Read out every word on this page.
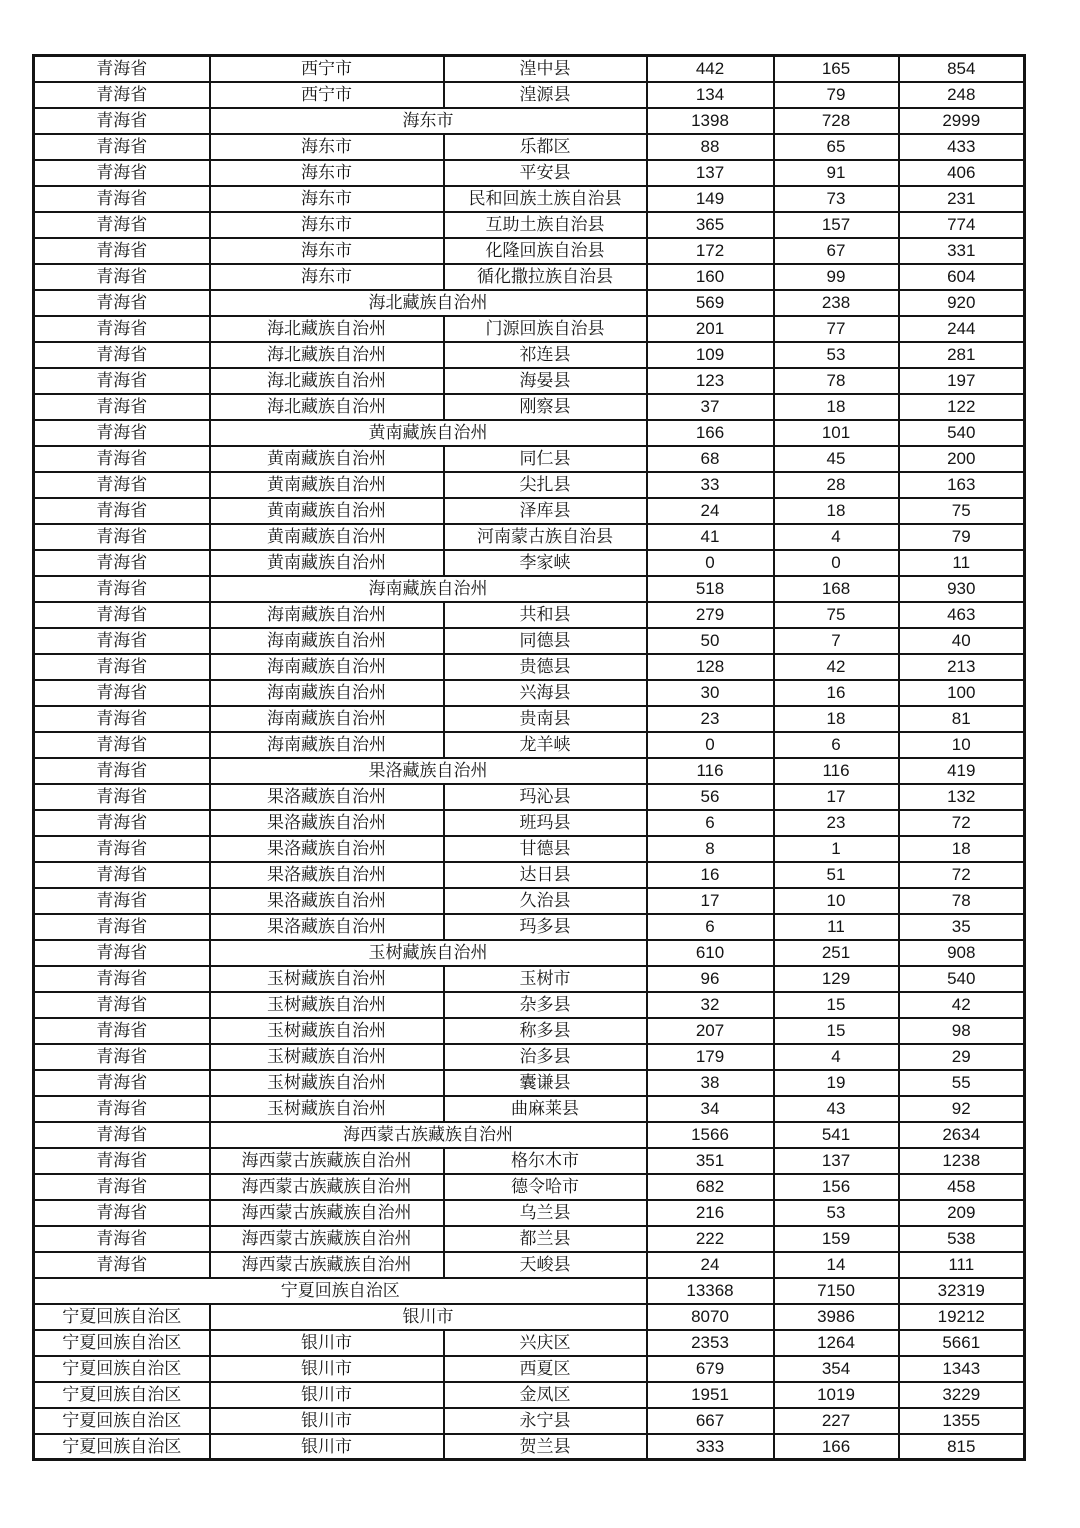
青海省	西宁市	湟中县	442	165	854
青海省	西宁市	湟源县	134	79	248
青海省	海东市		1398	728	2999
青海省	海东市	乐都区	88	65	433
青海省	海东市	平安县	137	91	406
青海省	海东市	民和回族土族自治县	149	73	231
青海省	海东市	互助土族自治县	365	157	774
青海省	海东市	化隆回族自治县	172	67	331
青海省	海东市	循化撒拉族自治县	160	99	604
青海省	海北藏族自治州		569	238	920
青海省	海北藏族自治州	门源回族自治县	201	77	244
青海省	海北藏族自治州	祁连县	109	53	281
青海省	海北藏族自治州	海晏县	123	78	197
青海省	海北藏族自治州	刚察县	37	18	122
青海省	黄南藏族自治州		166	101	540
青海省	黄南藏族自治州	同仁县	68	45	200
青海省	黄南藏族自治州	尖扎县	33	28	163
青海省	黄南藏族自治州	泽库县	24	18	75
青海省	黄南藏族自治州	河南蒙古族自治县	41	4	79
青海省	黄南藏族自治州	李家峡	0	0	11
青海省	海南藏族自治州		518	168	930
青海省	海南藏族自治州	共和县	279	75	463
青海省	海南藏族自治州	同德县	50	7	40
青海省	海南藏族自治州	贵德县	128	42	213
青海省	海南藏族自治州	兴海县	30	16	100
青海省	海南藏族自治州	贵南县	23	18	81
青海省	海南藏族自治州	龙羊峡	0	6	10
青海省	果洛藏族自治州		116	116	419
青海省	果洛藏族自治州	玛沁县	56	17	132
青海省	果洛藏族自治州	班玛县	6	23	72
青海省	果洛藏族自治州	甘德县	8	1	18
青海省	果洛藏族自治州	达日县	16	51	72
青海省	果洛藏族自治州	久治县	17	10	78
青海省	果洛藏族自治州	玛多县	6	11	35
青海省	玉树藏族自治州		610	251	908
青海省	玉树藏族自治州	玉树市	96	129	540
青海省	玉树藏族自治州	杂多县	32	15	42
青海省	玉树藏族自治州	称多县	207	15	98
青海省	玉树藏族自治州	治多县	179	4	29
青海省	玉树藏族自治州	囊谦县	38	19	55
青海省	玉树藏族自治州	曲麻莱县	34	43	92
青海省	海西蒙古族藏族自治州		1566	541	2634
青海省	海西蒙古族藏族自治州	格尔木市	351	137	1238
青海省	海西蒙古族藏族自治州	德令哈市	682	156	458
青海省	海西蒙古族藏族自治州	乌兰县	216	53	209
青海省	海西蒙古族藏族自治州	都兰县	222	159	538
青海省	海西蒙古族藏族自治州	天峻县	24	14	111
宁夏回族自治区			13368	7150	32319
宁夏回族自治区	银川市		8070	3986	19212
宁夏回族自治区	银川市	兴庆区	2353	1264	5661
宁夏回族自治区	银川市	西夏区	679	354	1343
宁夏回族自治区	银川市	金凤区	1951	1019	3229
宁夏回族自治区	银川市	永宁县	667	227	1355
宁夏回族自治区	银川市	贺兰县	333	166	815
